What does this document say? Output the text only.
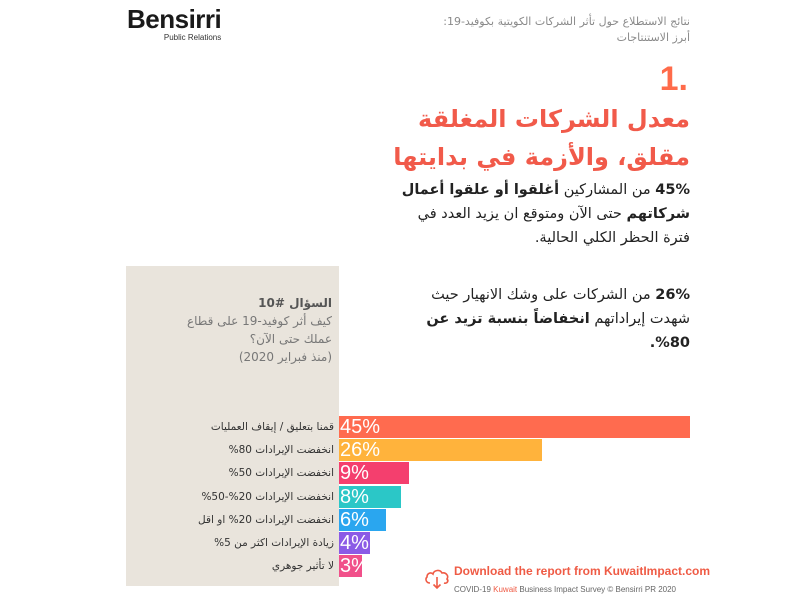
Bensirri
Public Relations
نتائج الاستطلاع حول تأثر الشركات الكويتية بكوفيد-19:
أبرز الاستنتاجات
1.
معدل الشركات المغلقة
مقلق، والأزمة في بدايتها
45% من المشاركين أغلقوا أو علقوا أعمال شركاتهم حتى الآن ومتوقع ان يزيد العدد في فترة الحظر الكلي الحالية.
26% من الشركات على وشك الانهيار حيث شهدت إيراداتهم انخفاضاً بنسبة تزيد عن 80%.
السؤال #10
كيف أثر كوفيد-19 على قطاع
عملك حتى الآن؟
(منذ فبراير 2020)
قمنا بتعليق / إيقاف العمليات 45%
انخفضت الإيرادات 80% 26%
انخفضت الإيرادات 50% 9%
انخفضت الإيرادات 20%-50% 8%
انخفضت الإيرادات 20% او اقل 6%
زيادة الإيرادات اكثر من 5% 4%
لا تأثير جوهري 3%	Download the report from KuwaitImpact.com
COVID-19 Kuwait Business Impact Survey © Bensirri PR 2020
